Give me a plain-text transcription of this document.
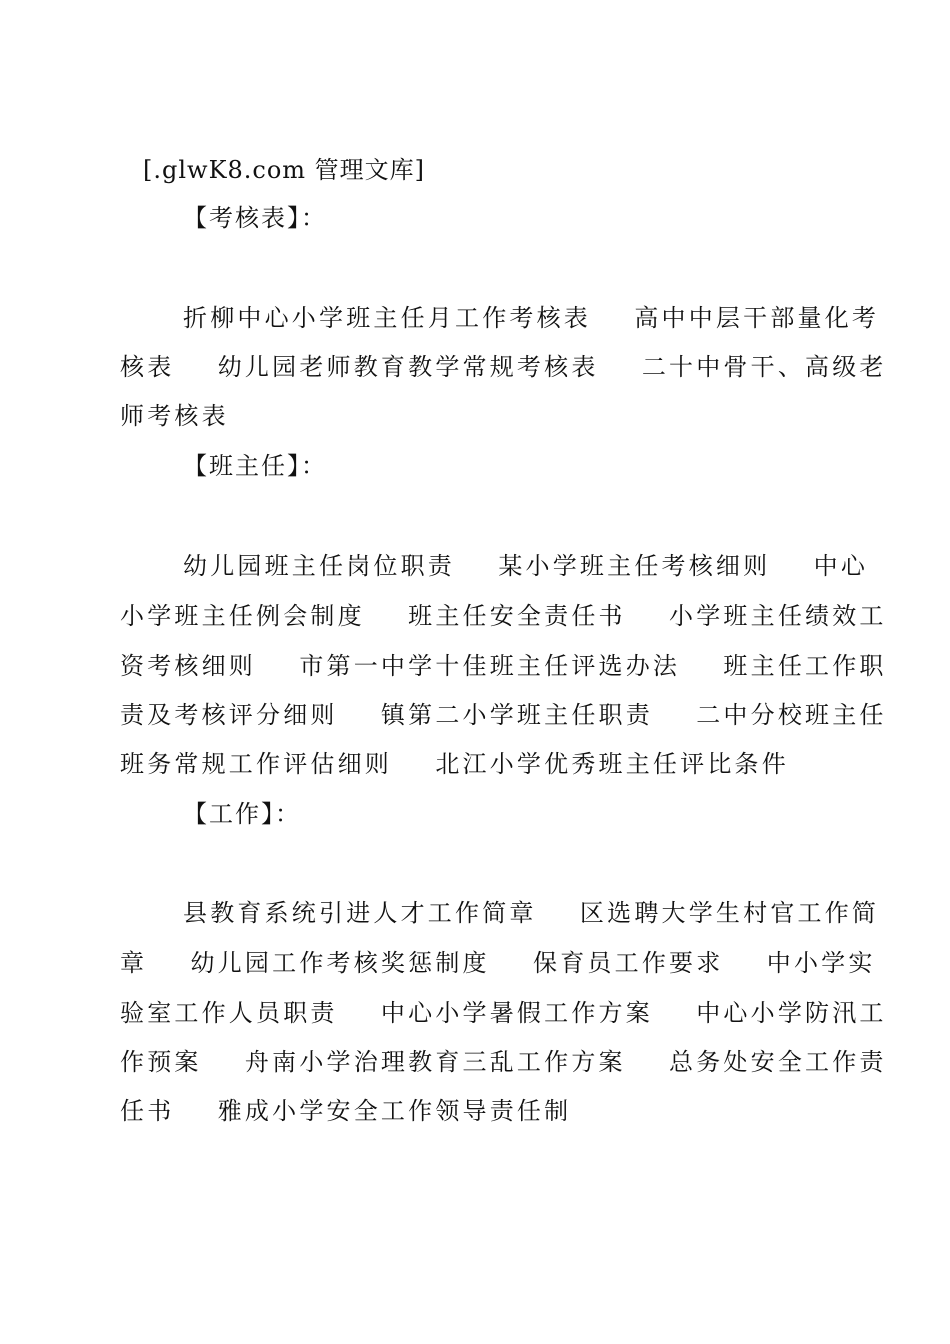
[.glwK8.com 管理文库]
【考核表】：
折柳中心小学班主任月工作考核表    高中中层干部量化考
核表    幼儿园老师教育教学常规考核表    二十中骨干、高级老
师考核表
【班主任】：
幼儿园班主任岗位职责    某小学班主任考核细则    中心
小学班主任例会制度    班主任安全责任书    小学班主任绩效工
资考核细则    市第一中学十佳班主任评选办法    班主任工作职
责及考核评分细则    镇第二小学班主任职责    二中分校班主任
班务常规工作评估细则    北江小学优秀班主任评比条件
【工作】：
县教育系统引进人才工作简章    区选聘大学生村官工作简
章    幼儿园工作考核奖惩制度    保育员工作要求    中小学实
验室工作人员职责    中心小学暑假工作方案    中心小学防汛工
作预案    舟南小学治理教育三乱工作方案    总务处安全工作责
任书    雅成小学安全工作领导责任制
